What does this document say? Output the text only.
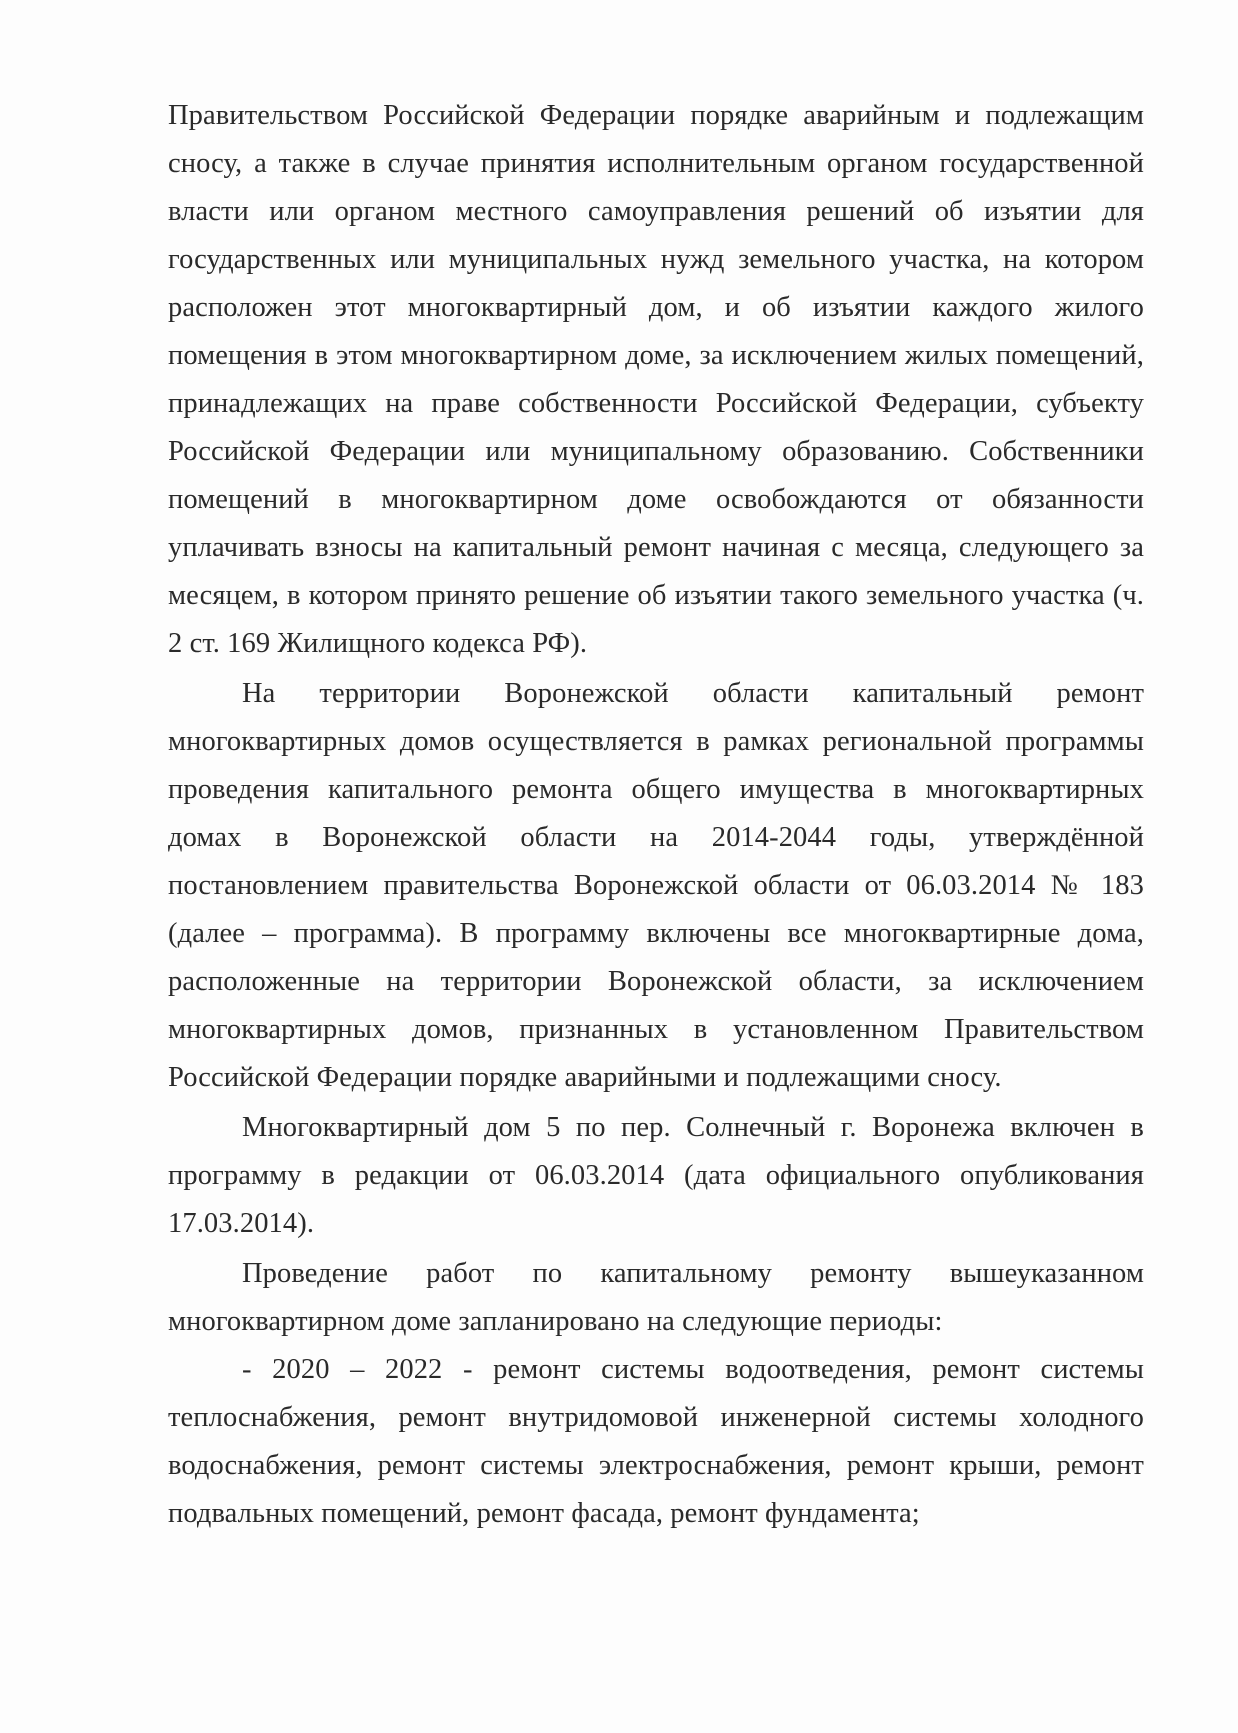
Правительством Российской Федерации порядке аварийным и подлежащим сносу, а также в случае принятия исполнительным органом государственной власти или органом местного самоуправления решений об изъятии для государственных или муниципальных нужд земельного участка, на котором расположен этот многоквартирный дом, и об изъятии каждого жилого помещения в этом многоквартирном доме, за исключением жилых помещений, принадлежащих на праве собственности Российской Федерации, субъекту Российской Федерации или муниципальному образованию. Собственники помещений в многоквартирном доме освобождаются от обязанности уплачивать взносы на капитальный ремонт начиная с месяца, следующего за месяцем, в котором принято решение об изъятии такого земельного участка (ч. 2 ст. 169 Жилищного кодекса РФ).

На территории Воронежской области капитальный ремонт многоквартирных домов осуществляется в рамках региональной программы проведения капитального ремонта общего имущества в многоквартирных домах в Воронежской области на 2014-2044 годы, утверждённой постановлением правительства Воронежской области от 06.03.2014 № 183 (далее – программа). В программу включены все многоквартирные дома, расположенные на территории Воронежской области, за исключением многоквартирных домов, признанных в установленном Правительством Российской Федерации порядке аварийными и подлежащими сносу.

Многоквартирный дом 5 по пер. Солнечный г. Воронежа включен в программу в редакции от 06.03.2014 (дата официального опубликования 17.03.2014).

Проведение работ по капитальному ремонту вышеуказанном многоквартирном доме запланировано на следующие периоды:

- 2020 – 2022 - ремонт системы водоотведения, ремонт системы теплоснабжения, ремонт внутридомовой инженерной системы холодного водоснабжения, ремонт системы электроснабжения, ремонт крыши, ремонт подвальных помещений, ремонт фасада, ремонт фундамента;
